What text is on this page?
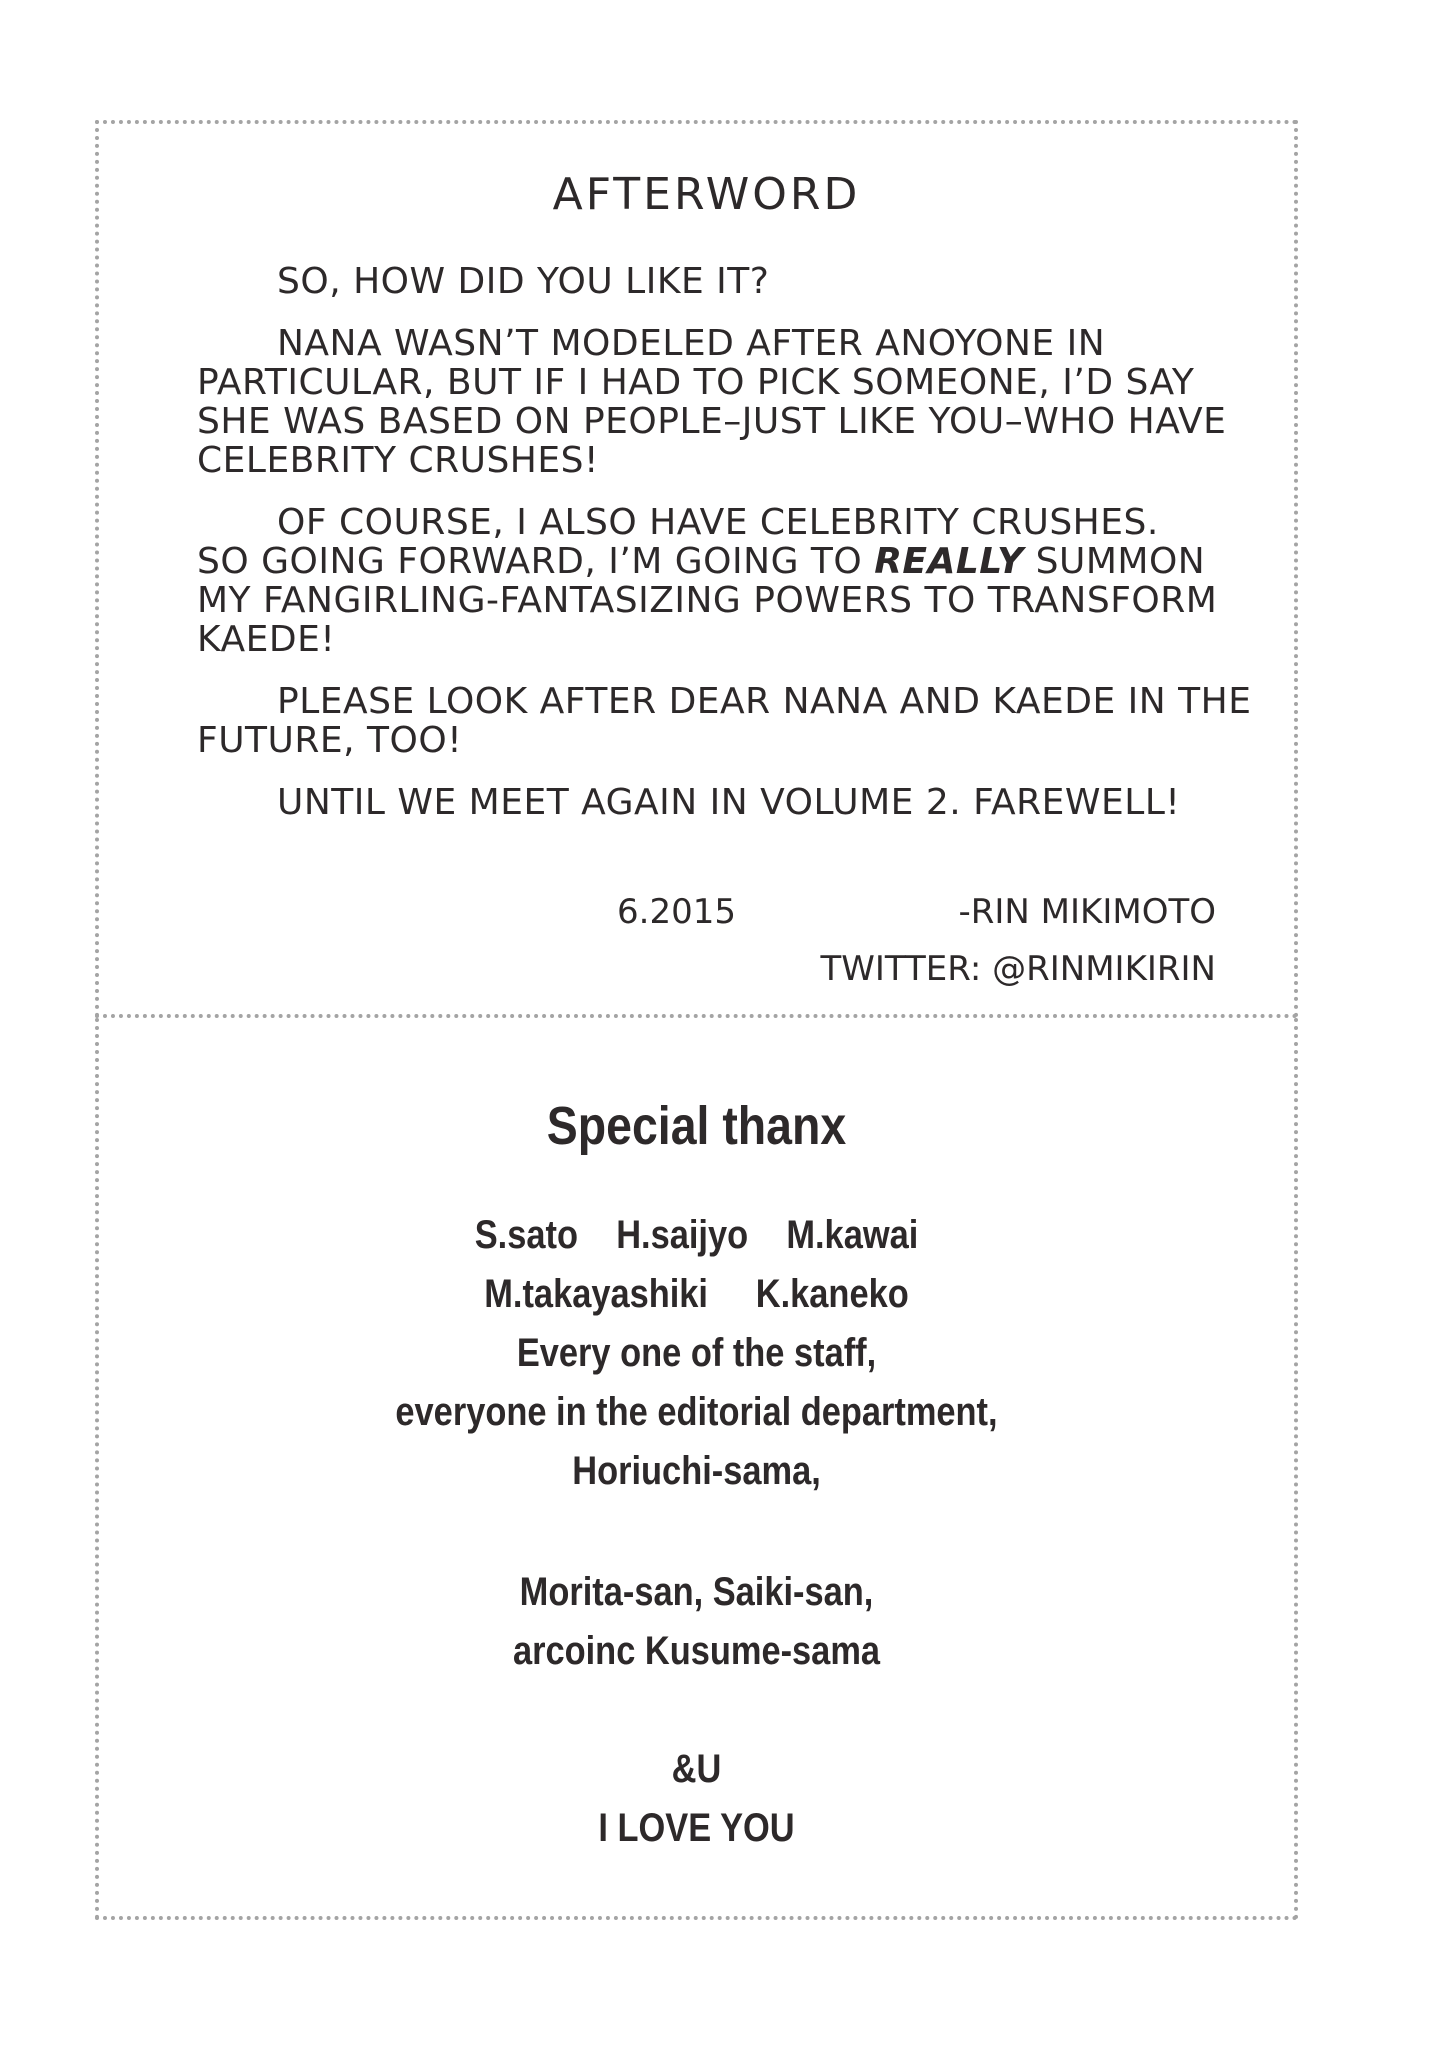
AFTERWORD
SO, HOW DID YOU LIKE IT?
NANA WASN’T MODELED AFTER ANOYONE IN
PARTICULAR, BUT IF I HAD TO PICK SOMEONE, I’D SAY
SHE WAS BASED ON PEOPLE–JUST LIKE YOU–WHO HAVE
CELEBRITY CRUSHES!
OF COURSE, I ALSO HAVE CELEBRITY CRUSHES.
SO GOING FORWARD, I’M GOING TO REALLY SUMMON
MY FANGIRLING-FANTASIZING POWERS TO TRANSFORM
KAEDE!
PLEASE LOOK AFTER DEAR NANA AND KAEDE IN THE
FUTURE, TOO!
UNTIL WE MEET AGAIN IN VOLUME 2. FAREWELL!
6.2015	-RIN MIKIMOTO
TWITTER: @RINMIKIRIN
Special thanx
S.sato    H.saijyo    M.kawai
M.takayashiki     K.kaneko
Every one of the staff,
everyone in the editorial department,
Horiuchi-sama,
Morita-san, Saiki-san,
arcoinc Kusume-sama
&U
I LOVE YOU
